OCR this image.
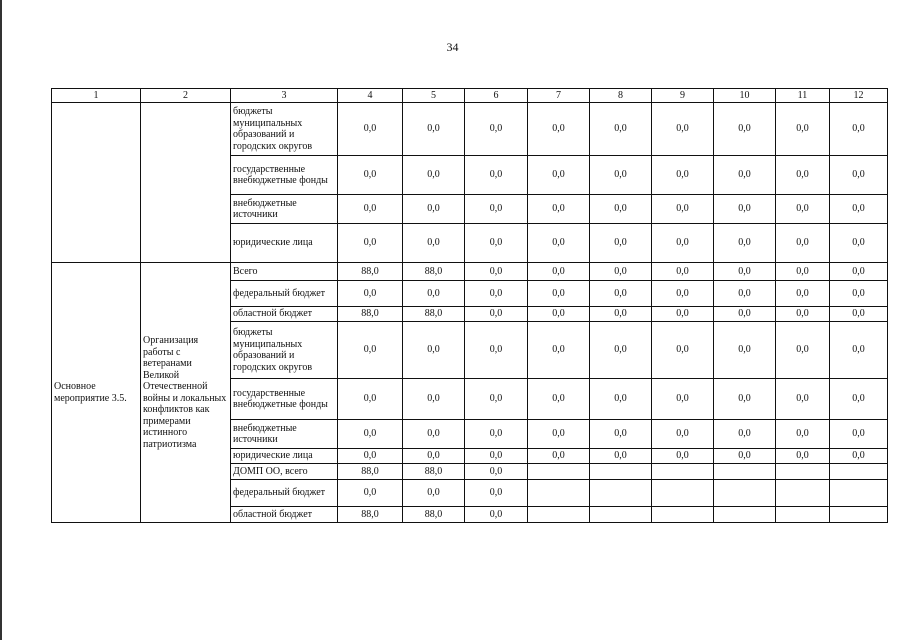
34
1	2	3	4	5	6	7	8	9	10	11	12
		бюджеты муниципальных образований и городских округов	0,0	0,0	0,0	0,0	0,0	0,0	0,0	0,0	0,0
		государственные внебюджетные фонды	0,0	0,0	0,0	0,0	0,0	0,0	0,0	0,0	0,0
		внебюджетные источники	0,0	0,0	0,0	0,0	0,0	0,0	0,0	0,0	0,0
		юридические лица	0,0	0,0	0,0	0,0	0,0	0,0	0,0	0,0	0,0
Основное мероприятие 3.5.	Организация работы с ветеранами Великой Отечественной войны и локальных конфликтов как примерами истинного патриотизма	Всего	88,0	88,0	0,0	0,0	0,0	0,0	0,0	0,0	0,0
		федеральный бюджет	0,0	0,0	0,0	0,0	0,0	0,0	0,0	0,0	0,0
		областной бюджет	88,0	88,0	0,0	0,0	0,0	0,0	0,0	0,0	0,0
		бюджеты муниципальных образований и городских округов	0,0	0,0	0,0	0,0	0,0	0,0	0,0	0,0	0,0
		государственные внебюджетные фонды	0,0	0,0	0,0	0,0	0,0	0,0	0,0	0,0	0,0
		внебюджетные источники	0,0	0,0	0,0	0,0	0,0	0,0	0,0	0,0	0,0
		юридические лица	0,0	0,0	0,0	0,0	0,0	0,0	0,0	0,0	0,0
		ДОМП ОО, всего	88,0	88,0	0,0						
		федеральный бюджет	0,0	0,0	0,0						
		областной бюджет	88,0	88,0	0,0						
